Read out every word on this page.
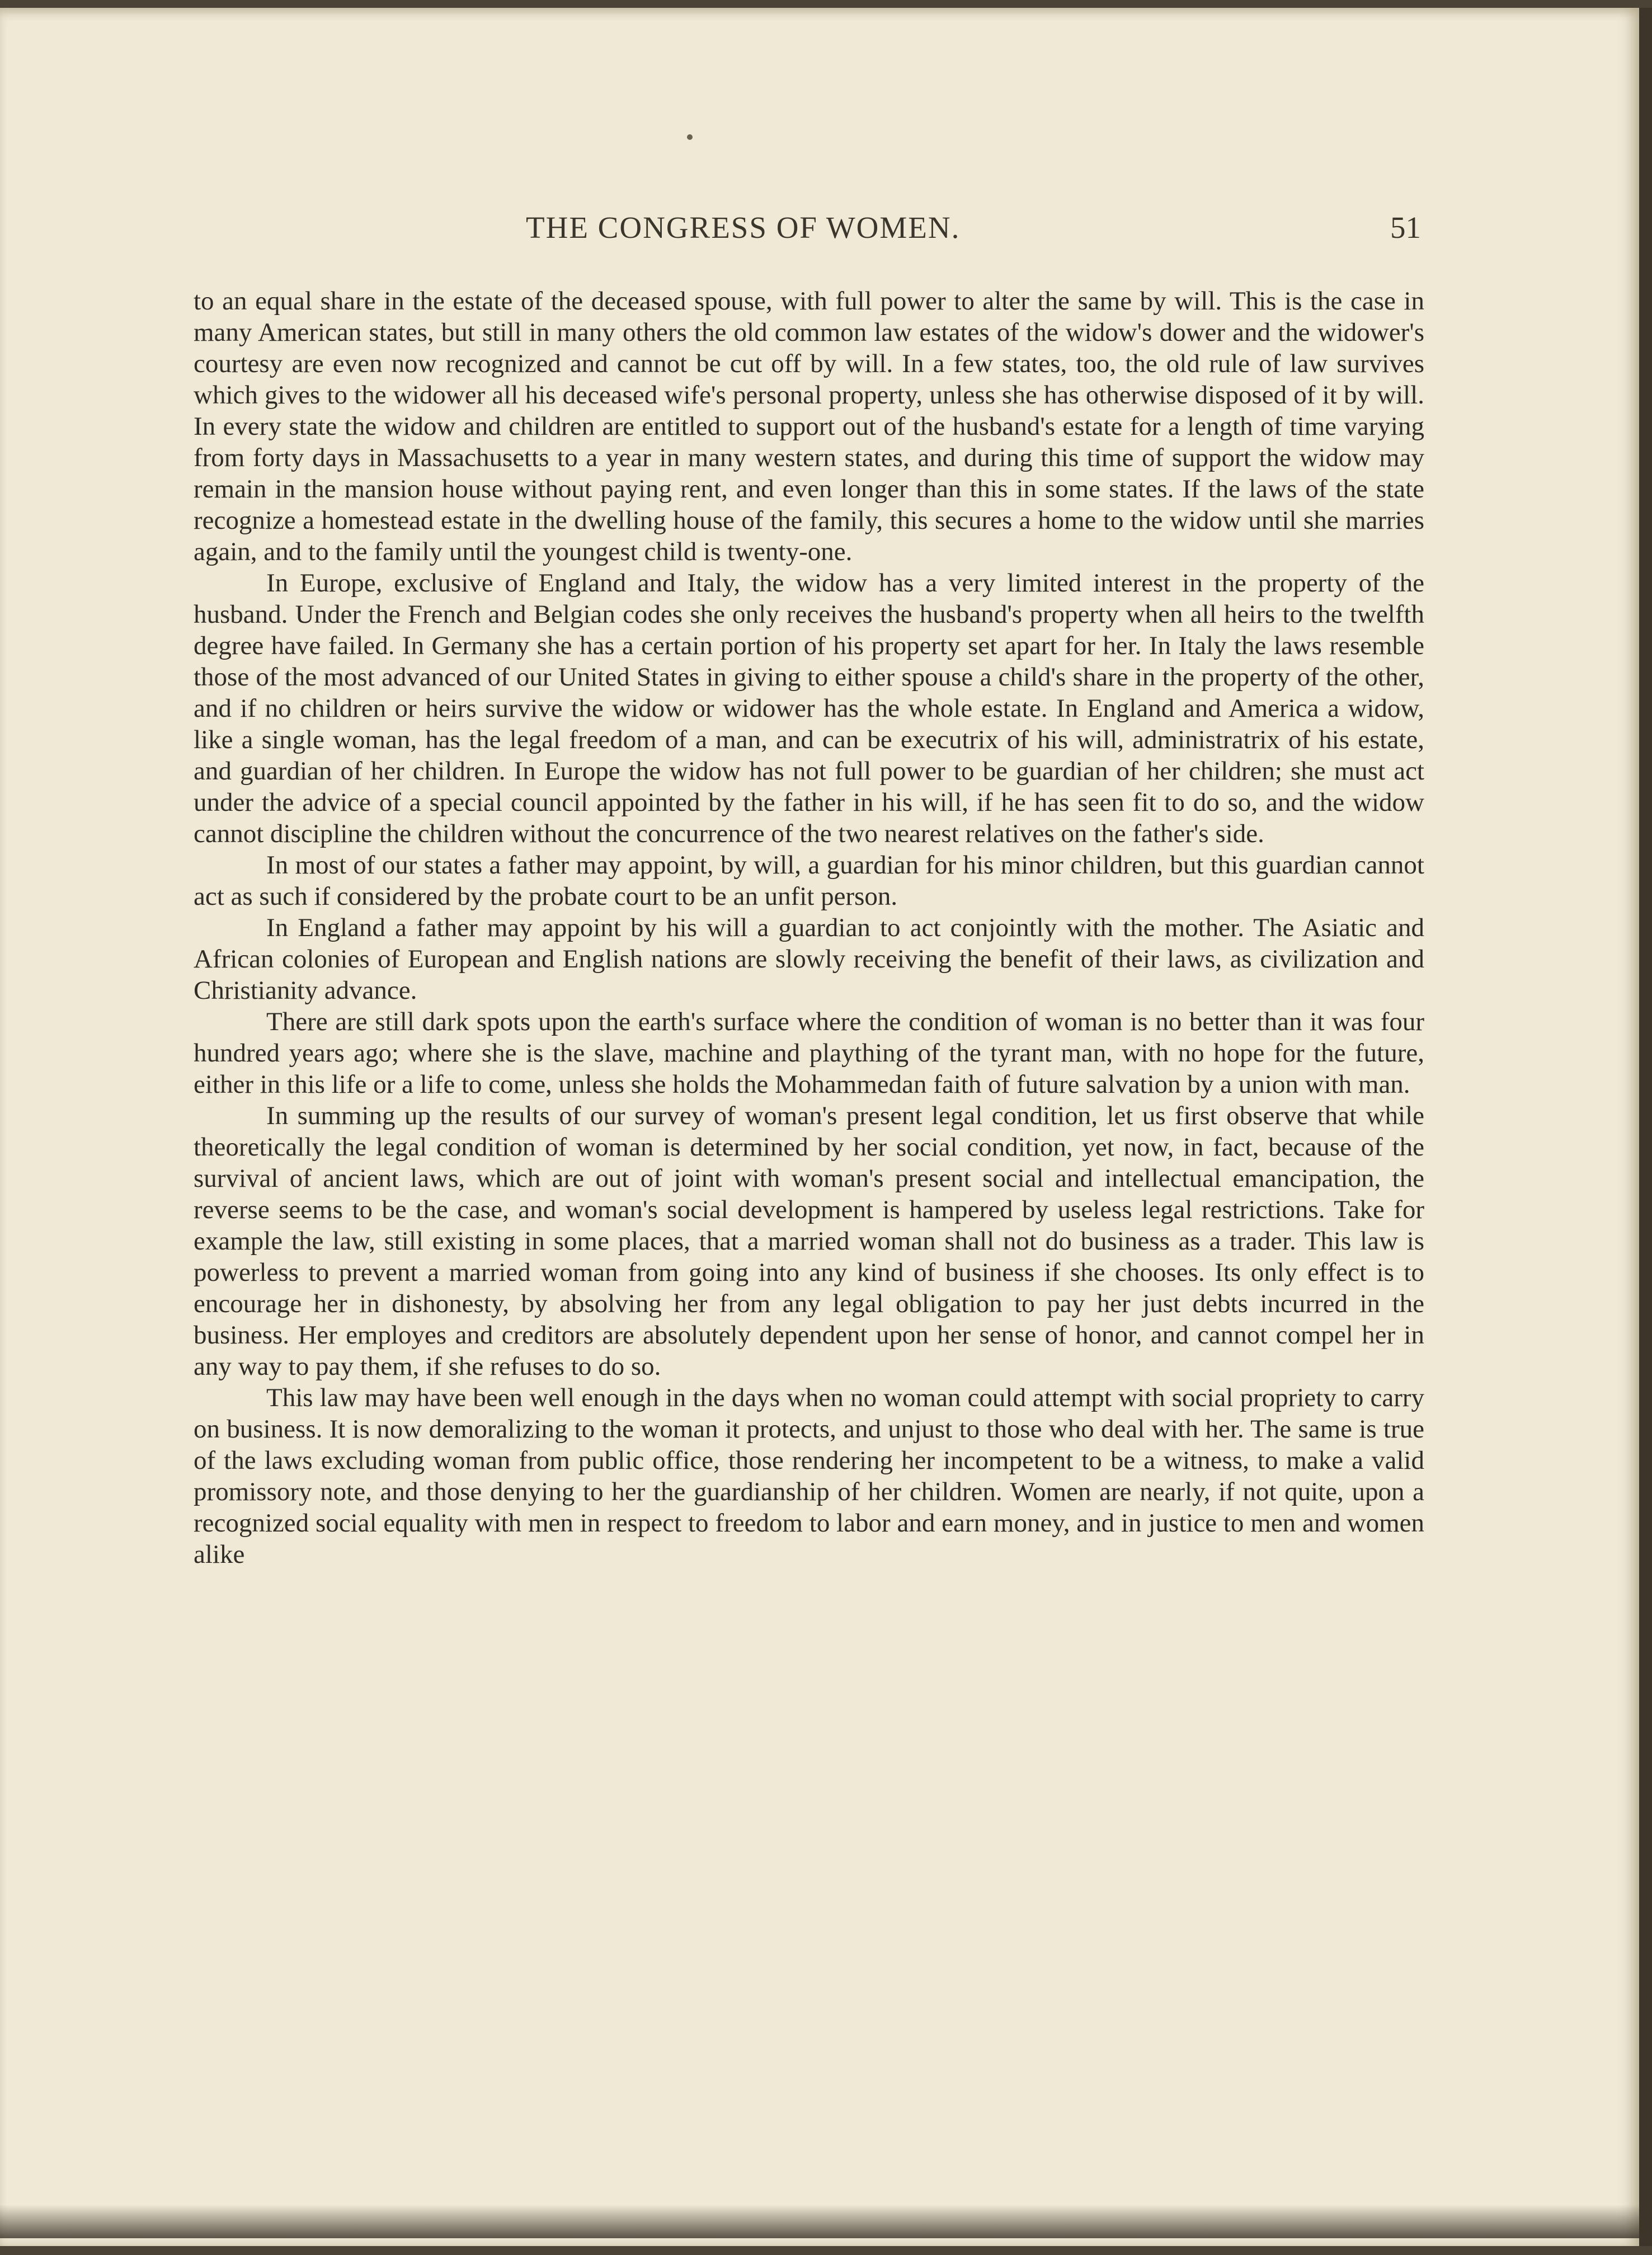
THE CONGRESS OF WOMEN.	51

to an equal share in the estate of the deceased spouse, with full power to alter the same by will. This is the case in many American states, but still in many others the old common law estates of the widow's dower and the widower's courtesy are even now recognized and cannot be cut off by will. In a few states, too, the old rule of law survives which gives to the widower all his deceased wife's personal property, unless she has otherwise disposed of it by will. In every state the widow and children are entitled to support out of the husband's estate for a length of time varying from forty days in Massachusetts to a year in many western states, and during this time of support the widow may remain in the mansion house without paying rent, and even longer than this in some states. If the laws of the state recognize a homestead estate in the dwelling house of the family, this secures a home to the widow until she marries again, and to the family until the youngest child is twenty-one.

In Europe, exclusive of England and Italy, the widow has a very limited interest in the property of the husband. Under the French and Belgian codes she only receives the husband's property when all heirs to the twelfth degree have failed. In Germany she has a certain portion of his property set apart for her. In Italy the laws resemble those of the most advanced of our United States in giving to either spouse a child's share in the property of the other, and if no children or heirs survive the widow or widower has the whole estate. In England and America a widow, like a single woman, has the legal freedom of a man, and can be executrix of his will, administratrix of his estate, and guardian of her children. In Europe the widow has not full power to be guardian of her children; she must act under the advice of a special council appointed by the father in his will, if he has seen fit to do so, and the widow cannot discipline the children without the concurrence of the two nearest relatives on the father's side.

In most of our states a father may appoint, by will, a guardian for his minor children, but this guardian cannot act as such if considered by the probate court to be an unfit person.

In England a father may appoint by his will a guardian to act conjointly with the mother. The Asiatic and African colonies of European and English nations are slowly receiving the benefit of their laws, as civilization and Christianity advance.

There are still dark spots upon the earth's surface where the condition of woman is no better than it was four hundred years ago; where she is the slave, machine and plaything of the tyrant man, with no hope for the future, either in this life or a life to come, unless she holds the Mohammedan faith of future salvation by a union with man.

In summing up the results of our survey of woman's present legal condition, let us first observe that while theoretically the legal condition of woman is determined by her social condition, yet now, in fact, because of the survival of ancient laws, which are out of joint with woman's present social and intellectual emancipation, the reverse seems to be the case, and woman's social development is hampered by useless legal restrictions. Take for example the law, still existing in some places, that a married woman shall not do business as a trader. This law is powerless to prevent a married woman from going into any kind of business if she chooses. Its only effect is to encourage her in dishonesty, by absolving her from any legal obligation to pay her just debts incurred in the business. Her employes and creditors are absolutely dependent upon her sense of honor, and cannot compel her in any way to pay them, if she refuses to do so.

This law may have been well enough in the days when no woman could attempt with social propriety to carry on business. It is now demoralizing to the woman it protects, and unjust to those who deal with her. The same is true of the laws excluding woman from public office, those rendering her incompetent to be a witness, to make a valid promissory note, and those denying to her the guardianship of her children. Women are nearly, if not quite, upon a recognized social equality with men in respect to freedom to labor and earn money, and in justice to men and women alike
